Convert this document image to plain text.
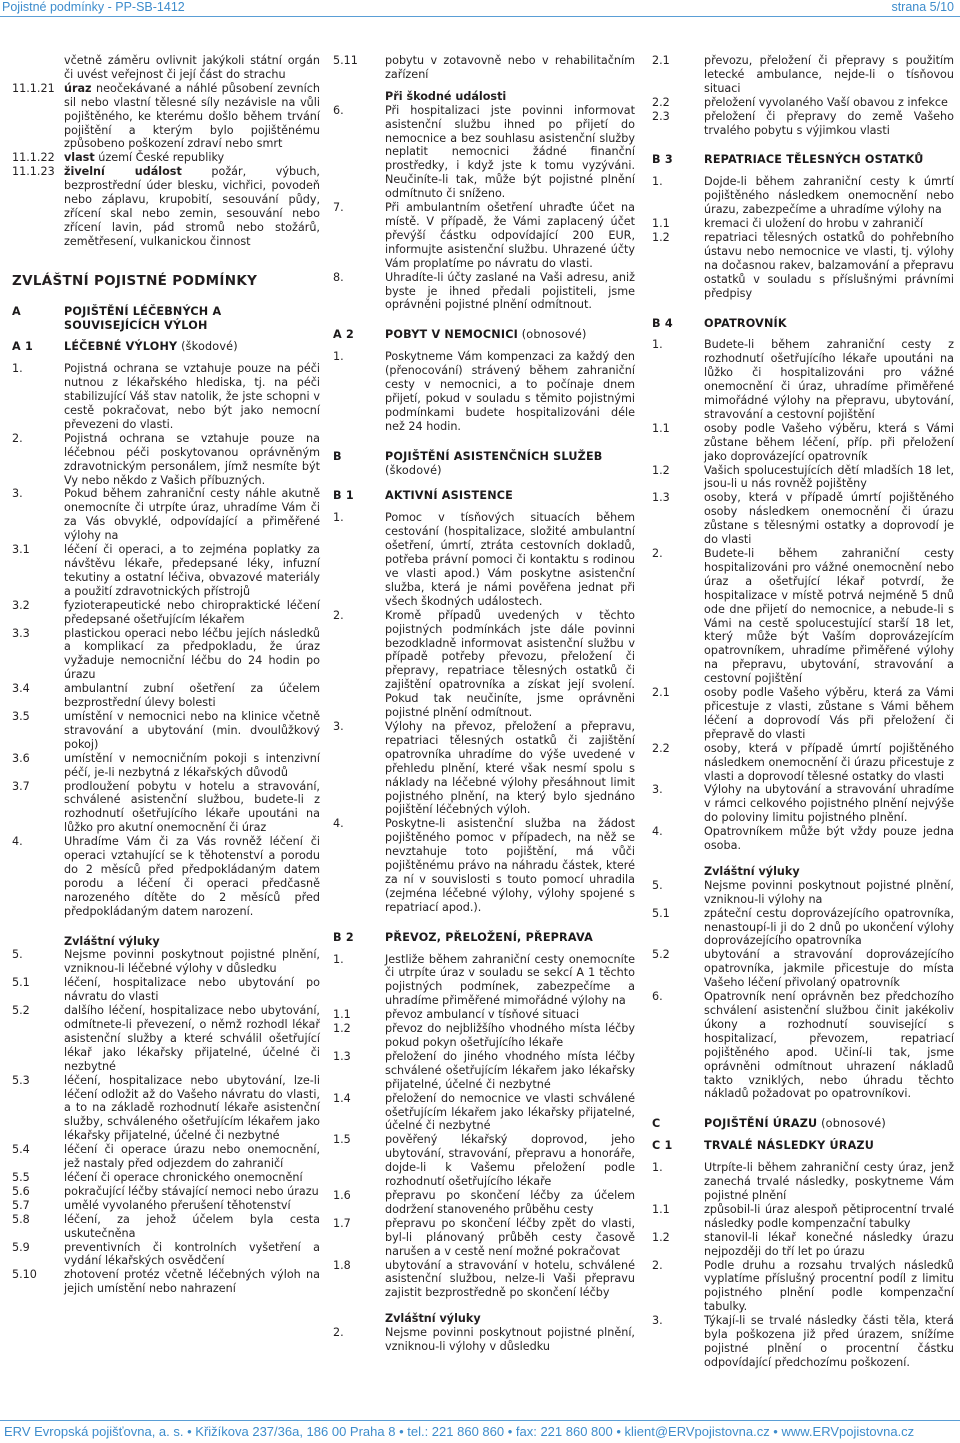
Pojistné podmínky - PP-SB-1412	strana 5/10
včetně záměru ovlivnit jakýkoli státní orgán či uvést veřejnost či její část do strachu
11.1.21 úraz neočekávané a náhlé působení zevních sil nebo vlastní tělesné síly nezávisle na vůli pojištěného, ke kterému došlo během trvání pojištění a kterým bylo pojištěnému způsobeno poškození zdraví nebo smrt
11.1.22 vlast území České republiky
11.1.23 živelní událost požár, výbuch, bezprostřední úder blesku, vichřici, povodeň nebo záplavu, krupobití, sesouvání půdy, zřícení skal nebo zemin, sesouvání nebo zřícení lavin, pád stromů nebo stožárů, zemětřesení, vulkanickou činnost
ZVLÁŠTNÍ POJISTNÉ PODMÍNKY
A	POJIŠTĚNÍ LÉČEBNÝCH A SOUVISEJÍCÍCH VÝLOH
A 1	LÉČEBNÉ VÝLOHY (škodové)
1.	Pojistná ochrana se vztahuje pouze na péči nutnou z lékařského hlediska, tj. na péči stabilizující Váš stav natolik, že jste schopni v cestě pokračovat, nebo být jako nemocní převezeni do vlasti.
2.	Pojistná ochrana se vztahuje pouze na léčebnou péči poskytovanou oprávněným zdravotnickým personálem, jímž nesmíte být Vy nebo někdo z Vašich příbuzných.
3.	Pokud během zahraniční cesty náhle akutně onemocníte či utrpíte úraz, uhradíme Vám či za Vás obvyklé, odpovídající a přiměřené výlohy na
3.1	léčení či operaci, a to zejména poplatky za návštěvu lékaře, předepsané léky, infuzní tekutiny a ostatní léčiva, obvazové materiály a použití zdravotnických přístrojů
3.2	fyzioterapeutické nebo chiropraktické léčení předepsané ošetřujícím lékařem
3.3	plastickou operaci nebo léčbu jejích následků a komplikací za předpokladu, že úraz vyžaduje nemocniční léčbu do 24 hodin po úrazu
3.4	ambulantní zubní ošetření za účelem bezprostřední úlevy bolesti
3.5	umístění v nemocnici nebo na klinice včetně stravování a ubytování (min. dvoulůžkový pokoj)
3.6	umístění v nemocničním pokoji s intenzivní péčí, je-li nezbytná z lékařských důvodů
3.7	prodloužení pobytu v hotelu a stravování, schválené asistenční službou, budete-li z rozhodnutí ošetřujícího lékaře upoutáni na lůžko pro akutní onemocnění či úraz
4.	Uhradíme Vám či za Vás rovněž léčení či operaci vztahující se k těhotenství a porodu do 2 měsíců před předpokládaným datem porodu a léčení či operaci předčasně narozeného dítěte do 2 měsíců před předpokládaným datem narození.
Zvláštní výluky
5.	Nejsme povinni poskytnout pojistné plnění, vzniknou-li léčebné výlohy v důsledku
5.1	léčení, hospitalizace nebo ubytování po návratu do vlasti
5.2	dalšího léčení, hospitalizace nebo ubytování, odmítnete-li převezení, o němž rozhodl lékař asistenční služby a které schválil ošetřující lékař jako lékařsky přijatelné, účelné či nezbytné
5.3	léčení, hospitalizace nebo ubytování, lze-li léčení odložit až do Vašeho návratu do vlasti, a to na základě rozhodnutí lékaře asistenční služby, schváleného ošetřujícím lékařem jako lékařsky přijatelné, účelné či nezbytné
5.4	léčení či operace úrazu nebo onemocnění, jež nastaly před odjezdem do zahraničí
5.5	léčení či operace chronického onemocnění
5.6	pokračující léčby stávající nemoci nebo úrazu
5.7	umělé vyvolaného přerušení těhotenství
5.8	léčení, za jehož účelem byla cesta uskutečněna
5.9	preventivních či kontrolních vyšetření a vydání lékařských osvědčení
5.10 zhotovení protéz včetně léčebných výloh na jejich umístění nebo nahrazení
5.11 pobytu v zotavovně nebo v rehabilitačním zařízení
Při škodné události
6.	Při hospitalizaci jste povinni informovat asistenční službu ihned po přijetí do nemocnice a bez souhlasu asistenční služby neplatit nemocnici žádné finanční prostředky, i když jste k tomu vyzýváni. Neučiníte-li tak, může být pojistné plnění odmítnuto či sníženo.
7.	Při ambulantním ošetření uhraďte účet na místě. V případě, že Vámi zaplacený účet převýší částku odpovídající 200 EUR, informujte asistenční službu. Uhrazené účty Vám proplatíme po návratu do vlasti.
8.	Uhradíte-li účty zaslané na Vaši adresu, aniž byste je ihned předali pojistiteli, jsme oprávněni pojistné plnění odmítnout.
A 2	POBYT V NEMOCNICI (obnosové)
1.	Poskytneme Vám kompenzaci za každý den (přenocování) strávený během zahraniční cesty v nemocnici, a to počínaje dnem přijetí, pokud v souladu s těmito pojistnými podmínkami budete hospitalizováni déle než 24 hodin.
B	POJIŠTĚNÍ ASISTENČNÍCH SLUŽEB
(škodové)
B 1	AKTIVNÍ ASISTENCE
1.	Pomoc v tísňových situacích během cestování (hospitalizace, složité ambulantní ošetření, úmrtí, ztráta cestovních dokladů, potřeba právní pomoci či kontaktu s rodinou ve vlasti apod.) Vám poskytne asistenční služba, která je námi pověřena jednat při všech škodných událostech.
2.	Kromě případů uvedených v těchto pojistných podmínkách jste dále povinni bezodkladně informovat asistenční službu v případě potřeby převozu, přeložení či přepravy, repatriace tělesných ostatků či zajištění opatrovníka a získat její svolení. Pokud tak neučiníte, jsme oprávněni pojistné plnění odmítnout.
3.	Výlohy na převoz, přeložení a přepravu, repatriaci tělesných ostatků či zajištění opatrovníka uhradíme do výše uvedené v přehledu plnění, které však nesmí spolu s náklady na léčebné výlohy přesáhnout limit pojistného plnění, na který bylo sjednáno pojištění léčebných výloh.
4.	Poskytne-li asistenční služba na žádost pojištěného pomoc v případech, na něž se nevztahuje toto pojištění, má vůči pojištěnému právo na náhradu částek, které za ní v souvislosti s touto pomocí uhradila (zejména léčebné výlohy, výlohy spojené s repatriací apod.).
B 2	PŘEVOZ, PŘELOŽENÍ, PŘEPRAVA
1.	Jestliže během zahraniční cesty onemocníte či utrpíte úraz v souladu se sekcí A 1 těchto pojistných podmínek, zabezpečíme a uhradíme přiměřené mimořádné výlohy na
1.1	převoz ambulancí v tísňové situaci
1.2	převoz do nejbližšího vhodného místa léčby pokud pokyn ošetřujícího lékaře
1.3	přeložení do jiného vhodného místa léčby schválené ošetřujícím lékařem jako lékařsky přijatelné, účelné či nezbytné
1.4	přeložení do nemocnice ve vlasti schválené ošetřujícím lékařem jako lékařsky přijatelné, účelné či nezbytné
1.5	pověřený lékařský doprovod, jeho ubytování, stravování, přepravu a honoráře, dojde-li k Vašemu přeložení podle rozhodnutí ošetřujícího lékaře
1.6	přepravu po skončení léčby za účelem dodržení stanoveného průběhu cesty
1.7	přepravu po skončení léčby zpět do vlasti, byl-li plánovaný průběh cesty časově narušen a v cestě není možné pokračovat
1.8	ubytování a stravování v hotelu, schválené asistenční službou, nelze-li Vaši přepravu zajistit bezprostředně po skončení léčby
Zvláštní výluky
2.	Nejsme povinni poskytnout pojistné plnění, vzniknou-li výlohy v důsledku
2.1	převozu, přeložení či přepravy s použitím letecké ambulance, nejde-li o tísňovou situaci
2.2	přeložení vyvolaného Vaší obavou z infekce
2.3	přeložení či přepravy do země Vašeho trvalého pobytu s výjimkou vlasti
B 3	REPATRIACE TĚLESNÝCH OSTATKŮ
1.	Dojde-li během zahraniční cesty k úmrtí pojištěného následkem onemocnění nebo úrazu, zabezpečíme a uhradíme výlohy na
1.1	kremaci či uložení do hrobu v zahraničí
1.2	repatriaci tělesných ostatků do pohřebního ústavu nebo nemocnice ve vlasti, tj. výlohy na dočasnou rakev, balzamování a přepravu ostatků v souladu s příslušnými právními předpisy
B 4	OPATROVNÍK
1.	Budete-li během zahraniční cesty z rozhodnutí ošetřujícího lékaře upoutáni na lůžko či hospitalizováni pro vážné onemocnění či úraz, uhradíme přiměřené mimořádné výlohy na přepravu, ubytování, stravování a cestovní pojištění
1.1	osoby podle Vašeho výběru, která s Vámi zůstane během léčení, příp. při přeložení jako doprovázející opatrovník
1.2	Vašich spolucestujících dětí mladších 18 let, jsou-li u nás rovněž pojištěny
1.3	osoby, která v případě úmrtí pojištěného osoby následkem onemocnění či úrazu zůstane s tělesnými ostatky a doprovodí je do vlasti
2.	Budete-li během zahraniční cesty hospitalizováni pro vážné onemocnění nebo úraz a ošetřující lékař potvrdí, že hospitalizace v místě potrvá nejméně 5 dnů ode dne přijetí do nemocnice, a nebude-li s Vámi na cestě spolucestující starší 18 let, který může být Vaším doprovázejícím opatrovníkem, uhradíme přiměřené výlohy na přepravu, ubytování, stravování a cestovní pojištění
2.1	osoby podle Vašeho výběru, která za Vámi přicestuje z vlasti, zůstane s Vámi během léčení a doprovodí Vás při přeložení či přepravě do vlasti
2.2	osoby, která v případě úmrtí pojištěného následkem onemocnění či úrazu přicestuje z vlasti a doprovodí tělesné ostatky do vlasti
3.	Výlohy na ubytování a stravování uhradíme v rámci celkového pojistného plnění nejvýše do poloviny limitu pojistného plnění.
4.	Opatrovníkem může být vždy pouze jedna osoba.
Zvláštní výluky
5.	Nejsme povinni poskytnout pojistné plnění, vzniknou-li výlohy na
5.1	zpáteční cestu doprovázejícího opatrovníka, nenastoupí-li ji do 2 dnů po ukončení výlohy doprovázejícího opatrovníka
5.2	ubytování a stravování doprovázejícího opatrovníka, jakmile přicestuje do místa Vašeho léčení přivolaný opatrovník
6.	Opatrovník není oprávněn bez předchozího schválení asistenční službou činit jakékoliv úkony a rozhodnutí související s hospitalizací, převozem, repatriací pojištěného apod. Učiní-li tak, jsme oprávněni odmítnout uhrazení nákladů takto vzniklých, nebo úhradu těchto nákladů požadovat po opatrovníkovi.
C	POJIŠTĚNÍ ÚRAZU (obnosové)
C 1	TRVALÉ NÁSLEDKY ÚRAZU
1.	Utrpíte-li během zahraniční cesty úraz, jenž zanechá trvalé následky, poskytneme Vám pojistné plnění
1.1	způsobil-li úraz alespoň pětiprocentní trvalé následky podle kompenzační tabulky
1.2	stanovil-li lékař konečné následky úrazu nejpozději do tří let po úrazu
2.	Podle druhu a rozsahu trvalých následků vyplatíme příslušný procentní podíl z limitu pojistného plnění podle kompenzační tabulky.
3.	Týkají-li se trvalé následky části těla, která byla poškozena již před úrazem, snížíme pojistné plnění o procentní částku odpovídající předchozímu poškození.
ERV Evropská pojišťovna, a. s. • Křižíkova 237/36a, 186 00 Praha 8 • tel.: 221 860 860 • fax: 221 860 800 • klient@ERVpojistovna.cz • www.ERVpojistovna.cz
